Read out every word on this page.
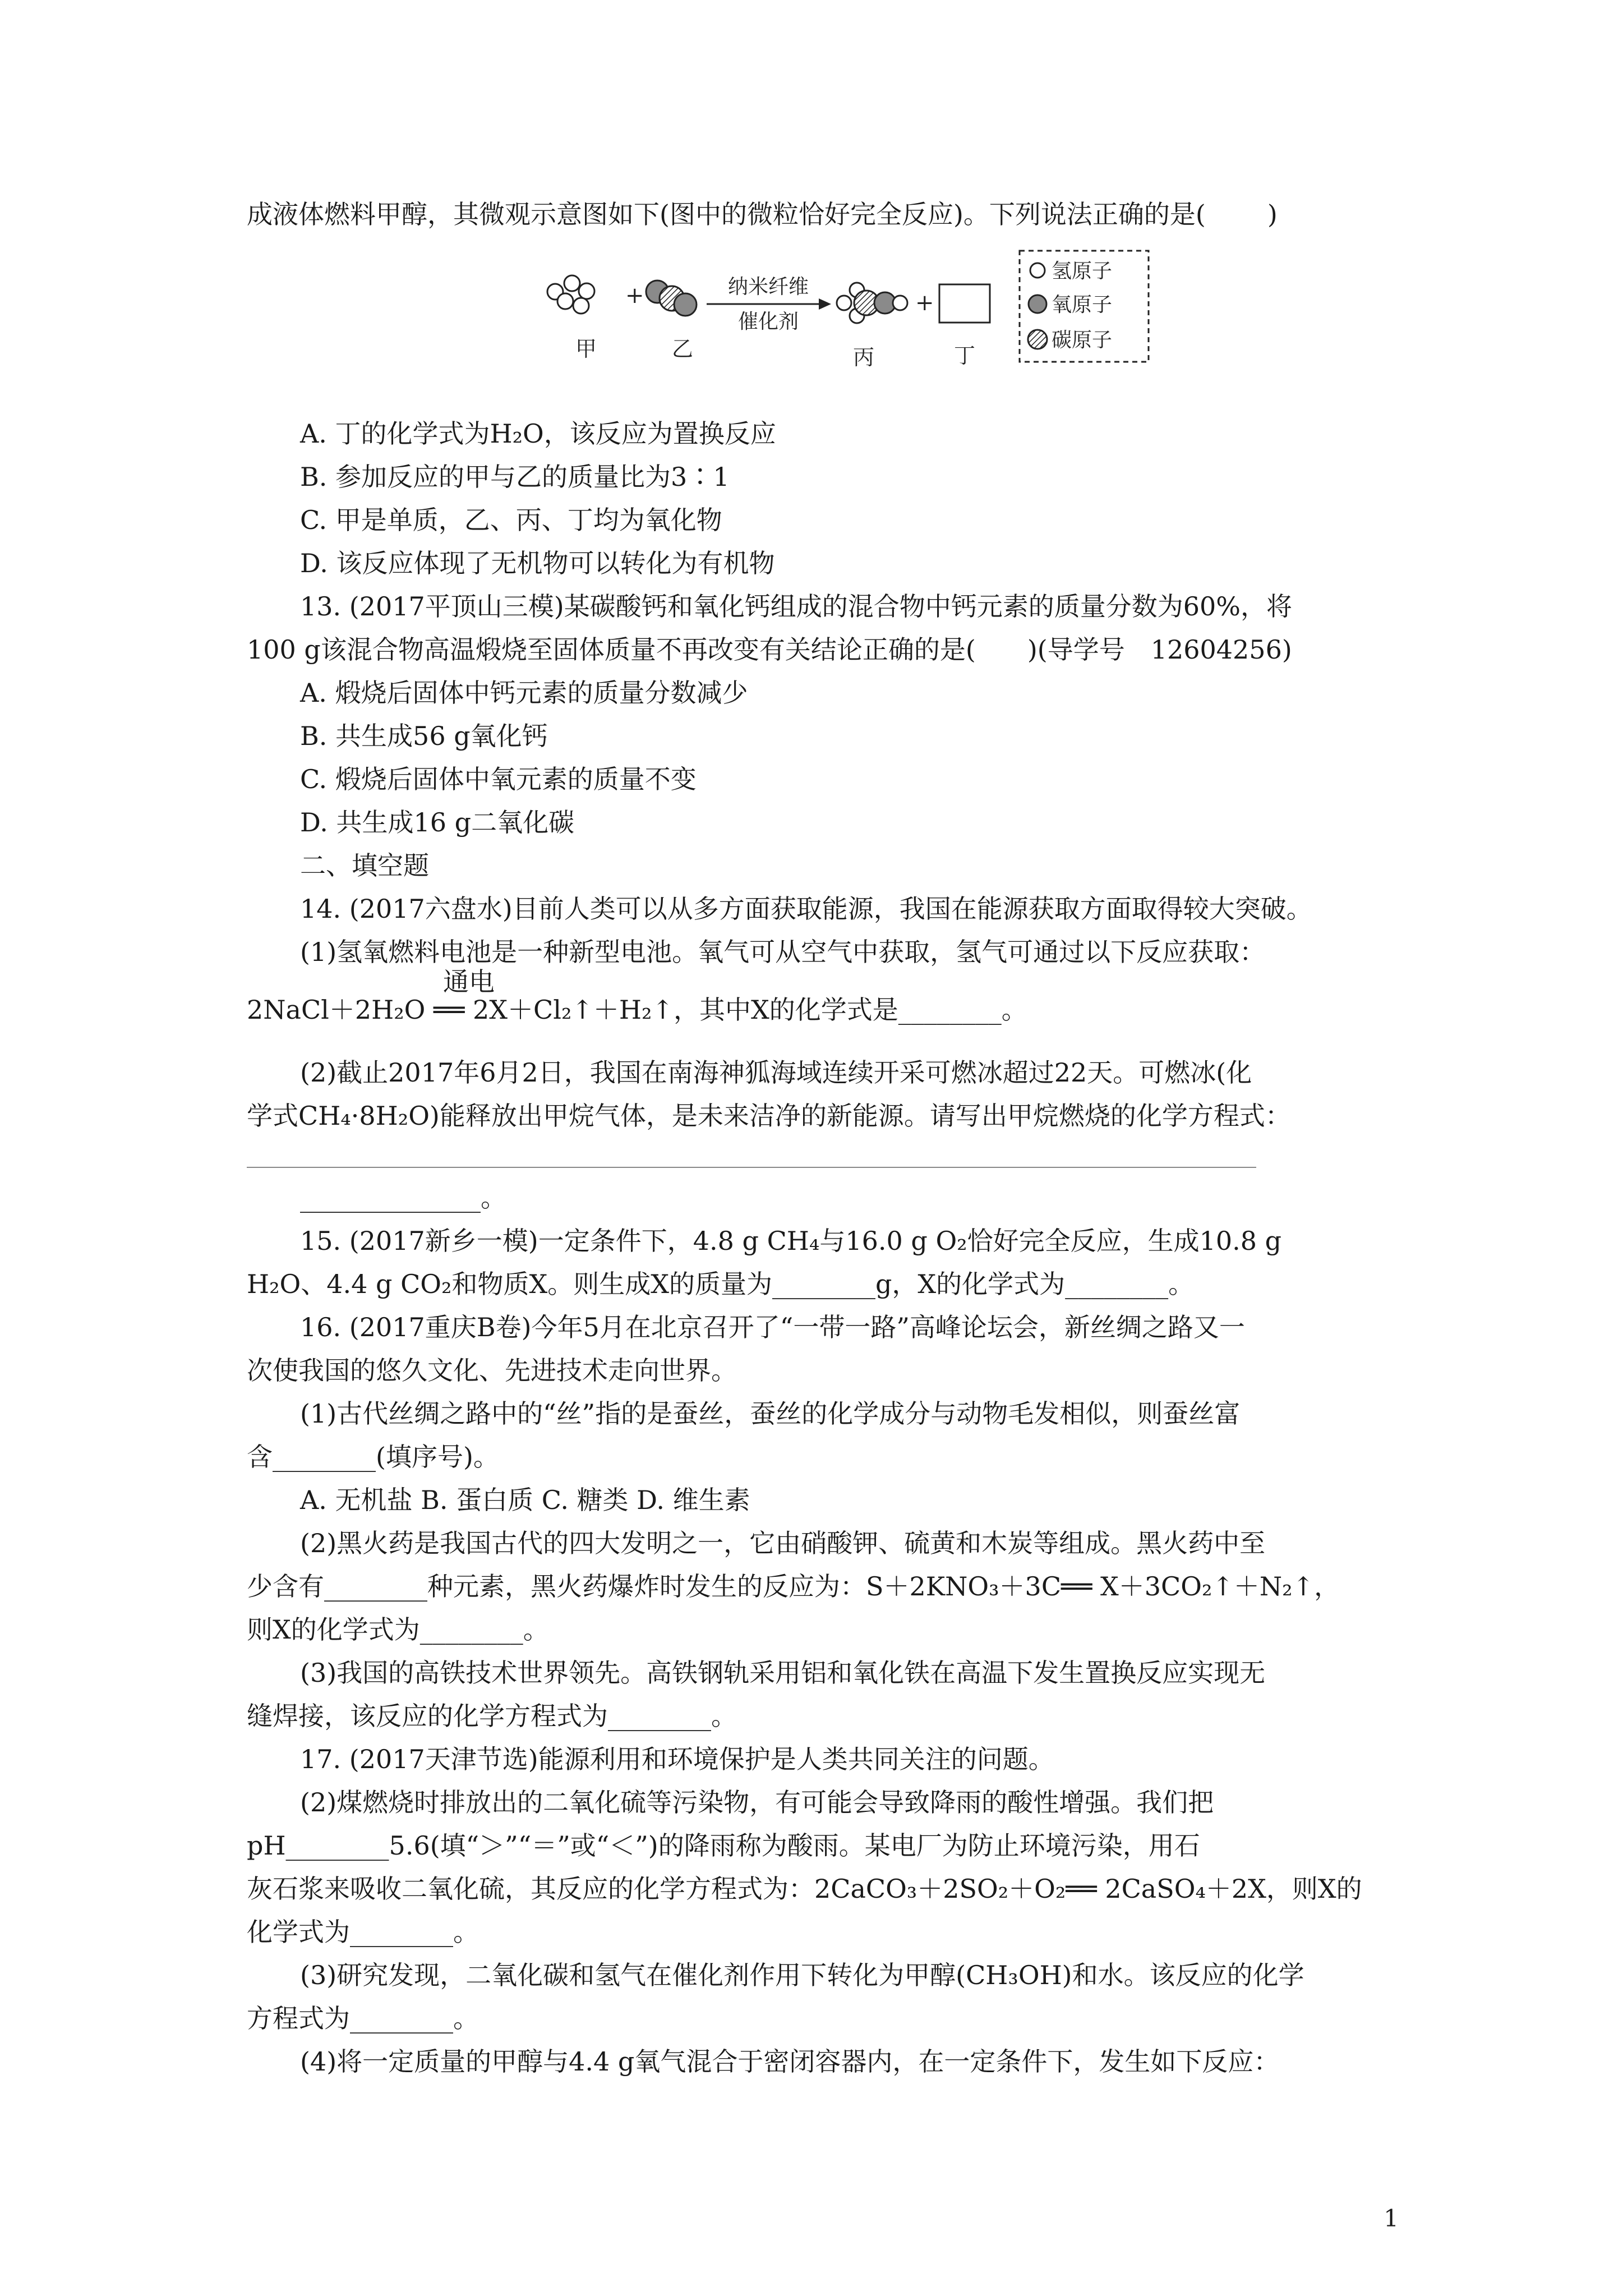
成液体燃料甲醇，其微观示意图如下(图中的微粒恰好完全反应)。下列说法正确的是( )
+	纳米纤维
催化剂
+
甲	乙	丙	丁
氢原子
氧原子
碳原子
A. 丁的化学式为H₂O，该反应为置换反应
B. 参加反应的甲与乙的质量比为3∶1
C. 甲是单质，乙、丙、丁均为氧化物
D. 该反应体现了无机物可以转化为有机物
13. (2017平顶山三模)某碳酸钙和氧化钙组成的混合物中钙元素的质量分数为60%，将
100 g该混合物高温煅烧至固体质量不再改变有关结论正确的是(　　)(导学号　12604256)
A. 煅烧后固体中钙元素的质量分数减少
B. 共生成56 g氧化钙
C. 煅烧后固体中氧元素的质量不变
D. 共生成16 g二氧化碳
二、填空题
14. (2017六盘水)目前人类可以从多方面获取能源，我国在能源获取方面取得较大突破。
(1)氢氧燃料电池是一种新型电池。氧气可从空气中获取，氢气可通过以下反应获取：
通电
2NaCl＋2H₂O ══ 2X＋Cl₂↑＋H₂↑，其中X的化学式是________。
(2)截止2017年6月2日，我国在南海神狐海域连续开采可燃冰超过22天。可燃冰(化
学式CH₄·8H₂O)能释放出甲烷气体，是未来洁净的新能源。请写出甲烷燃烧的化学方程式：
______________。
15. (2017新乡一模)一定条件下，4.8 g CH₄与16.0 g O₂恰好完全反应，生成10.8 g
H₂O、4.4 g CO₂和物质X。则生成X的质量为________g，X的化学式为________。
16. (2017重庆B卷)今年5月在北京召开了“一带一路”高峰论坛会，新丝绸之路又一
次使我国的悠久文化、先进技术走向世界。
(1)古代丝绸之路中的“丝”指的是蚕丝，蚕丝的化学成分与动物毛发相似，则蚕丝富
含________(填序号)。
A. 无机盐 B. 蛋白质 C. 糖类 D. 维生素
(2)黑火药是我国古代的四大发明之一，它由硝酸钾、硫黄和木炭等组成。黑火药中至
少含有________种元素，黑火药爆炸时发生的反应为：S＋2KNO₃＋3C══ X＋3CO₂↑＋N₂↑，
则X的化学式为________。
(3)我国的高铁技术世界领先。高铁钢轨采用铝和氧化铁在高温下发生置换反应实现无
缝焊接，该反应的化学方程式为________。
17. (2017天津节选)能源利用和环境保护是人类共同关注的问题。
(2)煤燃烧时排放出的二氧化硫等污染物，有可能会导致降雨的酸性增强。我们把
pH________5.6(填“＞”“＝”或“＜”)的降雨称为酸雨。某电厂为防止环境污染，用石
灰石浆来吸收二氧化硫，其反应的化学方程式为：2CaCO₃＋2SO₂＋O₂══ 2CaSO₄＋2X，则X的
化学式为________。
(3)研究发现，二氧化碳和氢气在催化剂作用下转化为甲醇(CH₃OH)和水。该反应的化学
方程式为________。
(4)将一定质量的甲醇与4.4 g氧气混合于密闭容器内，在一定条件下，发生如下反应：
1
